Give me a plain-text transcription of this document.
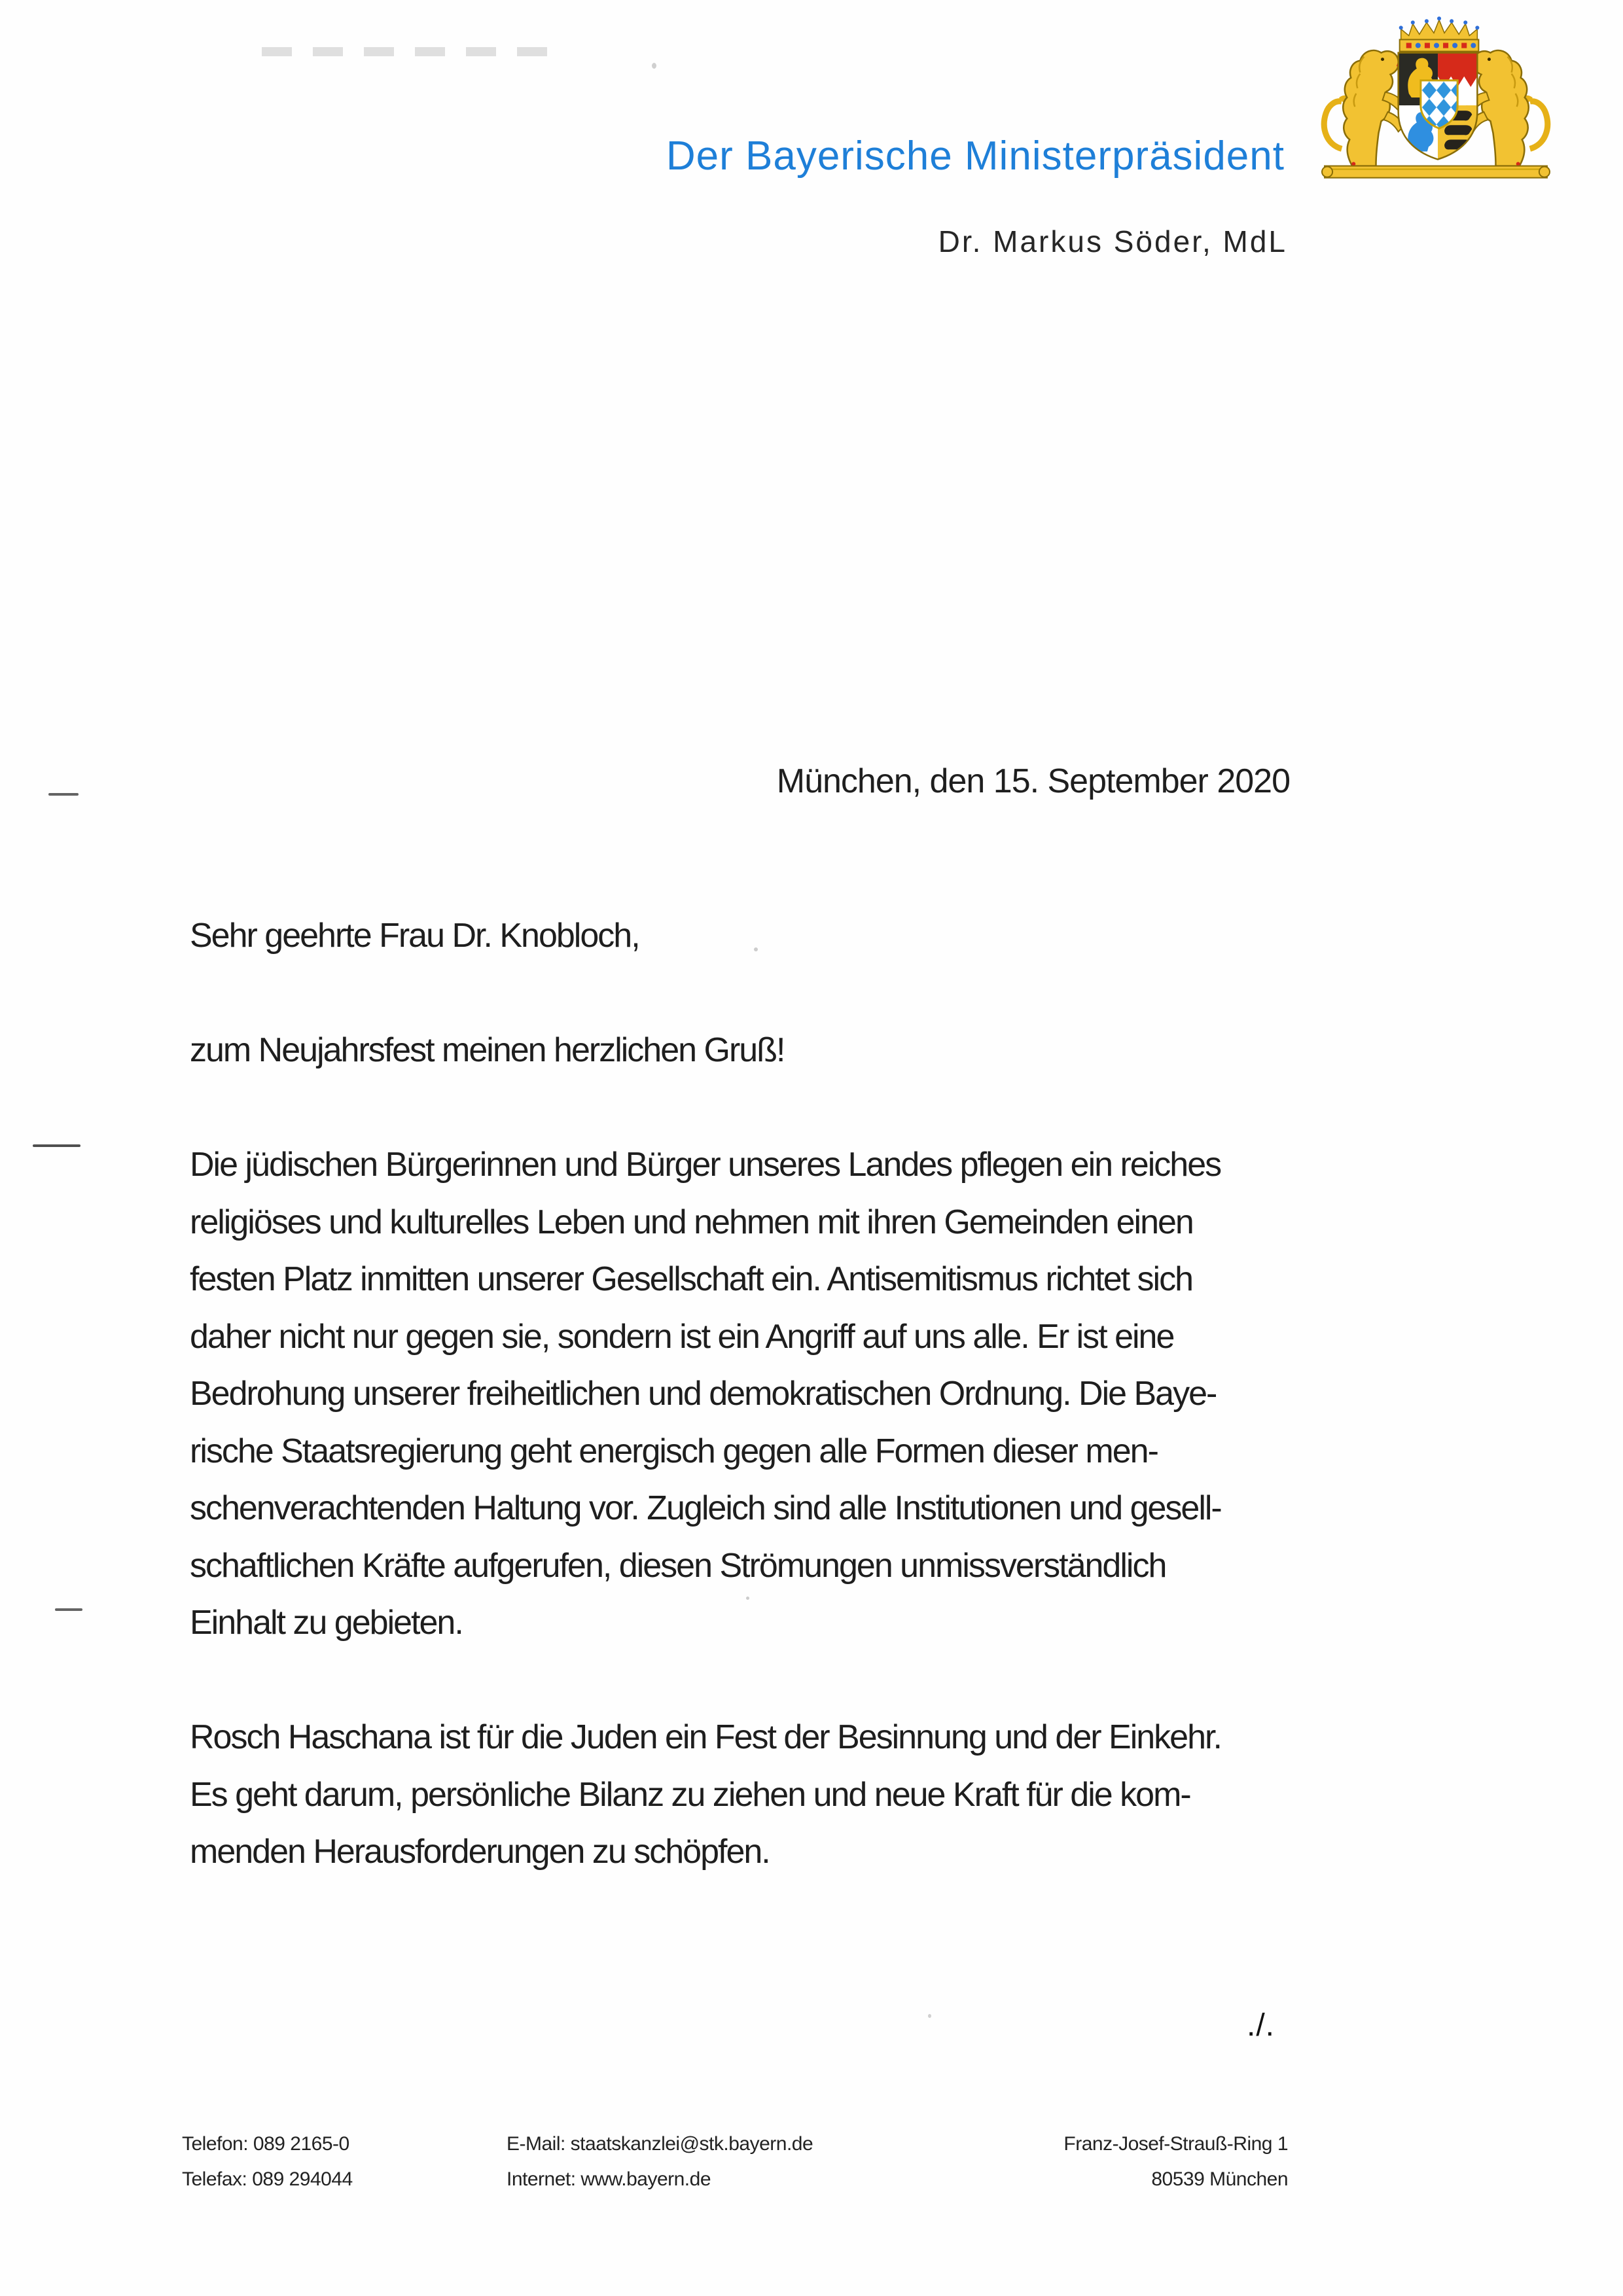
Der Bayerische Ministerpräsident
Dr. Markus Söder, MdL
München, den 15. September 2020
Sehr geehrte Frau Dr. Knobloch,
zum Neujahrsfest meinen herzlichen Gruß!
Die jüdischen Bürgerinnen und Bürger unseres Landes pflegen ein reiches
religiöses und kulturelles Leben und nehmen mit ihren Gemeinden einen
festen Platz inmitten unserer Gesellschaft ein. Antisemitismus richtet sich
daher nicht nur gegen sie, sondern ist ein Angriff auf uns alle. Er ist eine
Bedrohung unserer freiheitlichen und demokratischen Ordnung. Die Baye-
rische Staatsregierung geht energisch gegen alle Formen dieser men-
schenverachtenden Haltung vor. Zugleich sind alle Institutionen und gesell-
schaftlichen Kräfte aufgerufen, diesen Strömungen unmissverständlich
Einhalt zu gebieten.
Rosch Haschana ist für die Juden ein Fest der Besinnung und der Einkehr.
Es geht darum, persönliche Bilanz zu ziehen und neue Kraft für die kom-
menden Herausforderungen zu schöpfen.
./.
Telefon: 089 2165-0
Telefax: 089 294044
E-Mail: staatskanzlei@stk.bayern.de
Internet: www.bayern.de
Franz-Josef-Strauß-Ring 1
80539 München
